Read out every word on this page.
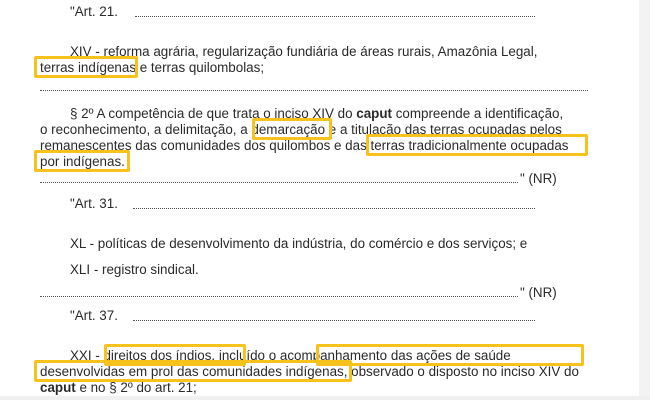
"Art. 21.
XIV - reforma agrária, regularização fundiária de áreas rurais, Amazônia Legal,
terras indígenas e terras quilombolas;
§ 2º A competência de que trata o inciso XIV do caput compreende a identificação,
o reconhecimento, a delimitação, a demarcação e a titulação das terras ocupadas pelos
remanescentes das comunidades dos quilombos e das terras tradicionalmente ocupadas
por indígenas.
" (NR)
"Art. 31.
XL - políticas de desenvolvimento da indústria, do comércio e dos serviços; e
XLI - registro sindical.
" (NR)
"Art. 37.
XXI - direitos dos índios, incluído o acompanhamento das ações de saúde
desenvolvidas em prol das comunidades indígenas, observado o disposto no inciso XIV do
caput e no § 2º do art. 21;
